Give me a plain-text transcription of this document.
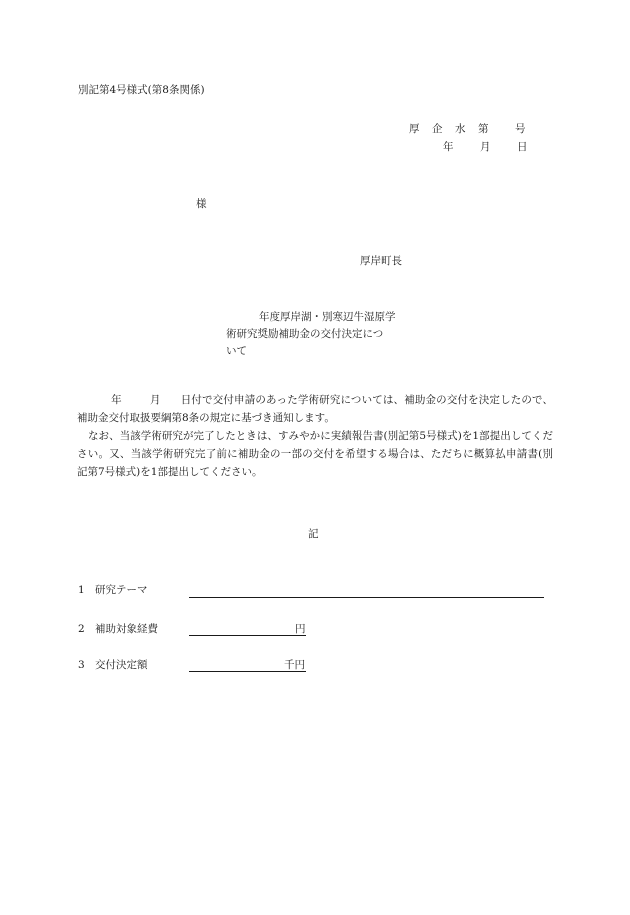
別記第4号様式(第8条関係)
厚 企 水 第	号
年	月	日
様
厚岸町長
年度厚岸湖・別寒辺牛湿原学
術研究奨励補助金の交付決定につ
いて

年	月 日付で交付申請のあった学術研究については、補助金の交付を決定したので、補助金交付取扱要綱第8条の規定に基づき通知します。

なお、当該学術研究が完了したときは、すみやかに実績報告書(別記第5号様式)を1部提出してください。又、当該学術研究完了前に補助金の一部の交付を希望する場合は、ただちに概算払申請書(別記第7号様式)を1部提出してください。

記
1 研究テーマ
2 補助対象経費	円
3 交付決定額	千円
